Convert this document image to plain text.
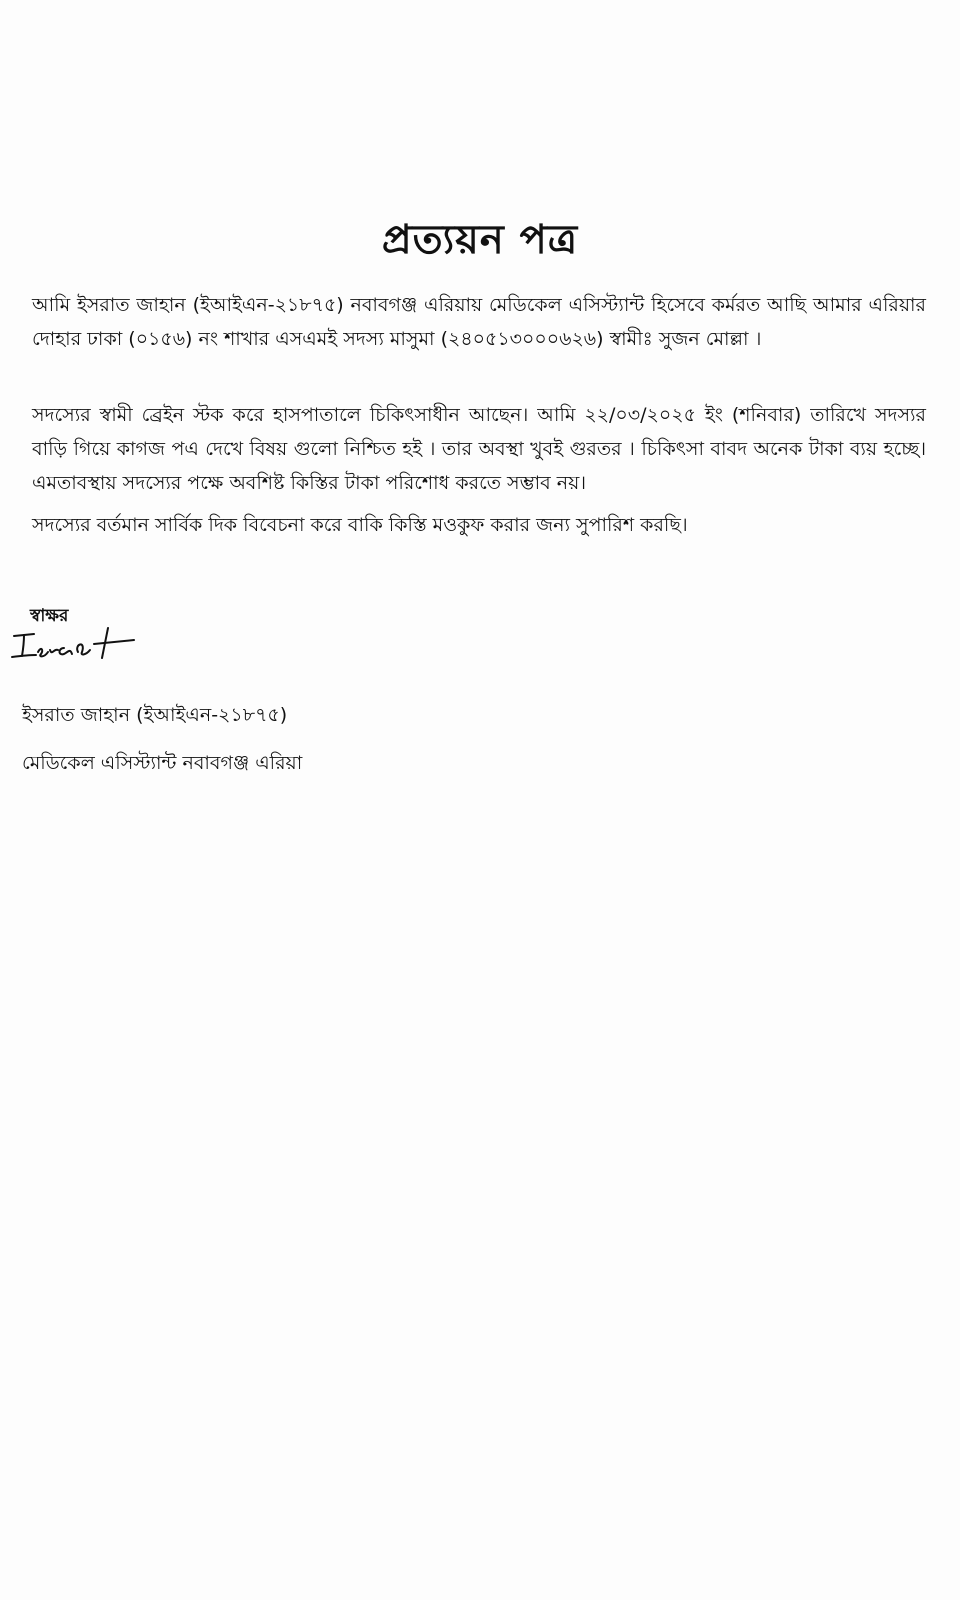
প্রত্যয়ন পত্র

আমি ইসরাত জাহান (ইআইএন-২১৮৭৫) নবাবগঞ্জ এরিয়ায় মেডিকেল এসিস্ট্যান্ট হিসেবে কর্মরত আছি আমার এরিয়ার দোহার ঢাকা (০১৫৬) নং শাখার এসএমই সদস্য মাসুমা (২৪০৫১৩০০০৬২৬) স্বামীঃ সুজন মোল্লা ।

সদস্যের স্বামী ব্রেইন স্টক করে হাসপাতালে চিকিৎসাধীন আছেন। আমি ২২/০৩/২০২৫ ইং (শনিবার) তারিখে সদস্যর বাড়ি গিয়ে কাগজ পএ দেখে বিষয় গুলো নিশ্চিত হই । তার অবস্থা খুবই গুরতর । চিকিৎসা বাবদ অনেক টাকা ব্যয় হচ্ছে। এমতাবস্থায় সদস্যের পক্ষে অবশিষ্ট কিস্তির টাকা পরিশোধ করতে সম্ভাব নয়।

সদস্যের বর্তমান সার্বিক দিক বিবেচনা করে বাকি কিস্তি মওকুফ করার জন্য সুপারিশ করছি।

স্বাক্ষর
ইসরাত জাহান (ইআইএন-২১৮৭৫)
মেডিকেল এসিস্ট্যান্ট নবাবগঞ্জ এরিয়া
